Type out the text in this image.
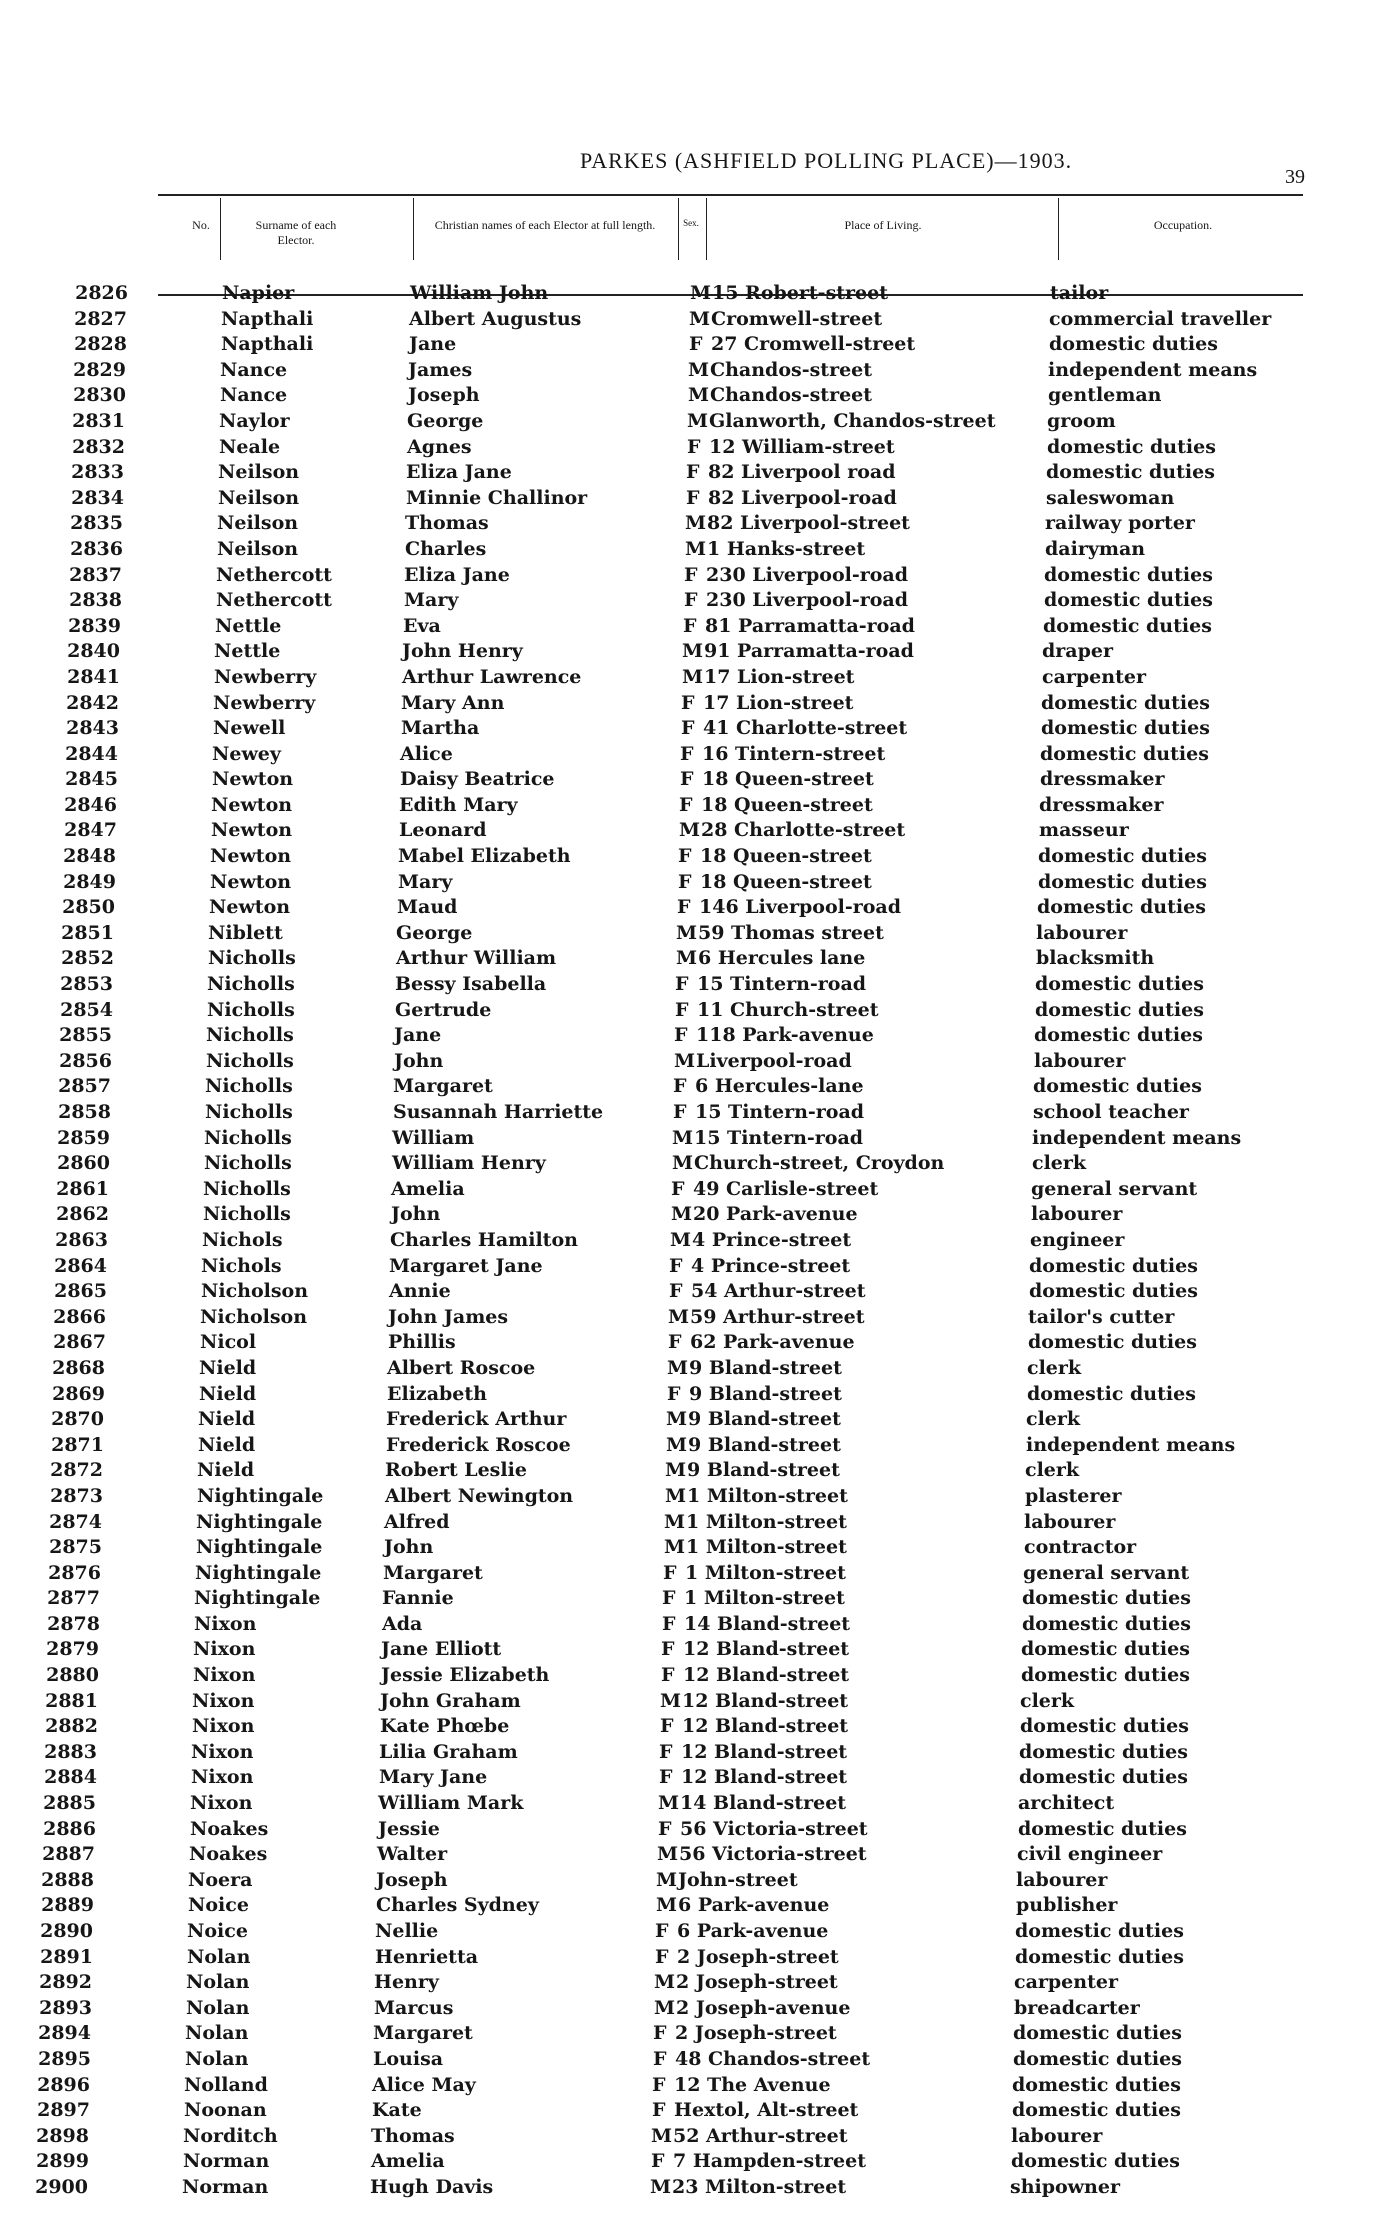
PARKES (ASHFIELD POLLING PLACE)—1903.
39
No.	Surname of each Elector.
Christian names of each Elector at full length.	Sex.	Place of Living.	Occupation.
2826	Napier	William John	M 15 Robert-street	tailor
2827	Napthali	Albert Augustus	M Cromwell-street	commercial traveller
2828	Napthali	Jane	F 27 Cromwell-street	domestic duties
2829	Nance	James	M Chandos-street	independent means
2830	Nance	Joseph	M Chandos-street	gentleman
2831	Naylor	George	M Glanworth, Chandos-street	groom
2832	Neale	Agnes	F 12 William-street	domestic duties
2833	Neilson	Eliza Jane	F 82 Liverpool road	domestic duties
2834	Neilson	Minnie Challinor	F 82 Liverpool-road	saleswoman
2835	Neilson	Thomas	M 82 Liverpool-street	railway porter
2836	Neilson	Charles	M 1 Hanks-street	dairyman
2837	Nethercott	Eliza Jane	F 230 Liverpool-road	domestic duties
2838	Nethercott	Mary	F 230 Liverpool-road	domestic duties
2839	Nettle	Eva	F 81 Parramatta-road	domestic duties
2840	Nettle	John Henry	M 91 Parramatta-road	draper
2841	Newberry	Arthur Lawrence	M 17 Lion-street	carpenter
2842	Newberry	Mary Ann	F 17 Lion-street	domestic duties
2843	Newell	Martha	F 41 Charlotte-street	domestic duties
2844	Newey	Alice	F 16 Tintern-street	domestic duties
2845	Newton	Daisy Beatrice	F 18 Queen-street	dressmaker
2846	Newton	Edith Mary	F 18 Queen-street	dressmaker
2847	Newton	Leonard	M 28 Charlotte-street	masseur
2848	Newton	Mabel Elizabeth	F 18 Queen-street	domestic duties
2849	Newton	Mary	F 18 Queen-street	domestic duties
2850	Newton	Maud	F 146 Liverpool-road	domestic duties
2851	Niblett	George	M 59 Thomas street	labourer
2852	Nicholls	Arthur William	M 6 Hercules lane	blacksmith
2853	Nicholls	Bessy Isabella	F 15 Tintern-road	domestic duties
2854	Nicholls	Gertrude	F 11 Church-street	domestic duties
2855	Nicholls	Jane	F 118 Park-avenue	domestic duties
2856	Nicholls	John	M Liverpool-road	labourer
2857	Nicholls	Margaret	F 6 Hercules-lane	domestic duties
2858	Nicholls	Susannah Harriette	F 15 Tintern-road	school teacher
2859	Nicholls	William	M 15 Tintern-road	independent means
2860	Nicholls	William Henry	M Church-street, Croydon	clerk
2861	Nicholls	Amelia	F 49 Carlisle-street	general servant
2862	Nicholls	John	M 20 Park-avenue	labourer
2863	Nichols	Charles Hamilton	M 4 Prince-street	engineer
2864	Nichols	Margaret Jane	F 4 Prince-street	domestic duties
2865	Nicholson	Annie	F 54 Arthur-street	domestic duties
2866	Nicholson	John James	M 59 Arthur-street	tailor's cutter
2867	Nicol	Phillis	F 62 Park-avenue	domestic duties
2868	Nield	Albert Roscoe	M 9 Bland-street	clerk
2869	Nield	Elizabeth	F 9 Bland-street	domestic duties
2870	Nield	Frederick Arthur	M 9 Bland-street	clerk
2871	Nield	Frederick Roscoe	M 9 Bland-street	independent means
2872	Nield	Robert Leslie	M 9 Bland-street	clerk
2873	Nightingale	Albert Newington	M 1 Milton-street	plasterer
2874	Nightingale	Alfred	M 1 Milton-street	labourer
2875	Nightingale	John	M 1 Milton-street	contractor
2876	Nightingale	Margaret	F 1 Milton-street	general servant
2877	Nightingale	Fannie	F 1 Milton-street	domestic duties
2878	Nixon	Ada	F 14 Bland-street	domestic duties
2879	Nixon	Jane Elliott	F 12 Bland-street	domestic duties
2880	Nixon	Jessie Elizabeth	F 12 Bland-street	domestic duties
2881	Nixon	John Graham	M 12 Bland-street	clerk
2882	Nixon	Kate Phœbe	F 12 Bland-street	domestic duties
2883	Nixon	Lilia Graham	F 12 Bland-street	domestic duties
2884	Nixon	Mary Jane	F 12 Bland-street	domestic duties
2885	Nixon	William Mark	M 14 Bland-street	architect
2886	Noakes	Jessie	F 56 Victoria-street	domestic duties
2887	Noakes	Walter	M 56 Victoria-street	civil engineer
2888	Noera	Joseph	M John-street	labourer
2889	Noice	Charles Sydney	M 6 Park-avenue	publisher
2890	Noice	Nellie	F 6 Park-avenue	domestic duties
2891	Nolan	Henrietta	F 2 Joseph-street	domestic duties
2892	Nolan	Henry	M 2 Joseph-street	carpenter
2893	Nolan	Marcus	M 2 Joseph-avenue	breadcarter
2894	Nolan	Margaret	F 2 Joseph-street	domestic duties
2895	Nolan	Louisa	F 48 Chandos-street	domestic duties
2896	Nolland	Alice May	F 12 The Avenue	domestic duties
2897	Noonan	Kate	F Hextol, Alt-street	domestic duties
2898	Norditch	Thomas	M 52 Arthur-street	labourer
2899	Norman	Amelia	F 7 Hampden-street	domestic duties
2900	Norman	Hugh Davis	M 23 Milton-street	shipowner
